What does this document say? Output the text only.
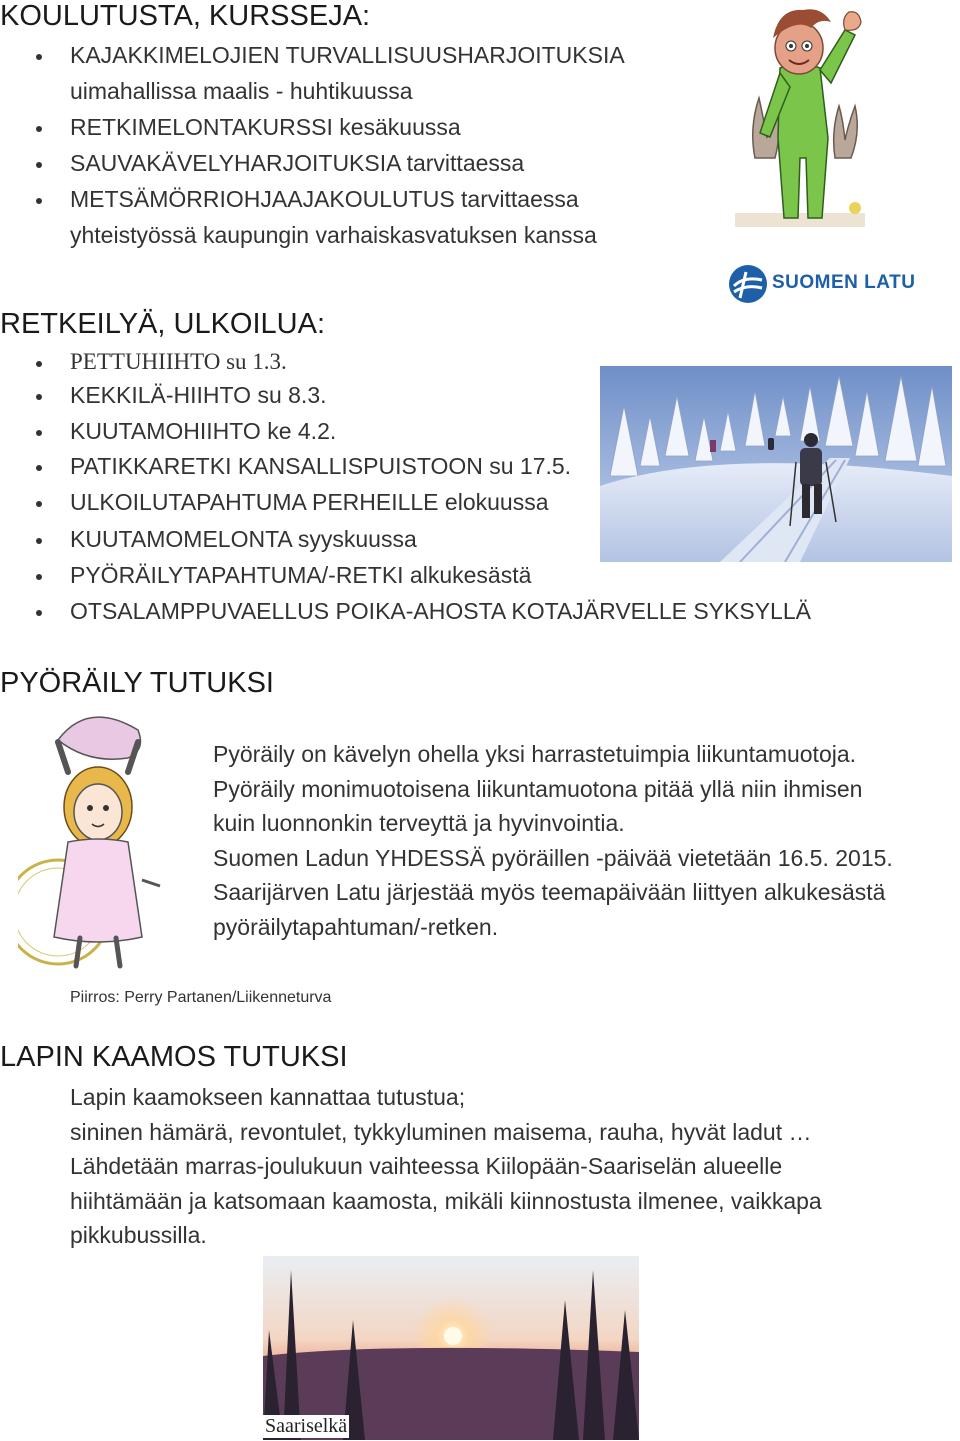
KOULUTUSTA, KURSSEJA:
KAJAKKIMELOJIEN TURVALLISUUSHARJOITUKSIA
uimahallissa maalis - huhtikuussa
RETKIMELONTAKURSSI kesäkuussa
SAUVAKÄVELYHARJOITUKSIA tarvittaessa
METSÄMÖRRIOHJAAJAKOULUTUS tarvittaessa
yhteistyössä kaupungin varhaiskasvatuksen kanssa
SUOMEN LATU
RETKEILYÄ, ULKOILUA:
PETTUHIIHTO su 1.3.
KEKKILÄ-HIIHTO su 8.3.
KUUTAMOHIIHTO ke 4.2.
PATIKKARETKI KANSALLISPUISTOON su 17.5.
ULKOILUTAPAHTUMA PERHEILLE elokuussa
KUUTAMOMELONTA syyskuussa
PYÖRÄILYTAPAHTUMA/-RETKI alkukesästä
OTSALAMPPUVAELLUS POIKA-AHOSTA KOTAJÄRVELLE SYKSYLLÄ
PYÖRÄILY TUTUKSI
Pyöräily on kävelyn ohella yksi harrastetuimpia liikuntamuotoja.
Pyöräily monimuotoisena liikuntamuotona pitää yllä niin ihmisen
kuin luonnonkin terveyttä ja hyvinvointia.
Suomen Ladun YHDESSÄ pyöräillen -päivää vietetään 16.5. 2015.
Saarijärven Latu järjestää myös teemapäivään liittyen alkukesästä
pyöräilytapahtuman/-retken.
Piirros: Perry Partanen/Liikenneturva
LAPIN KAAMOS TUTUKSI
Lapin kaamokseen kannattaa tutustua;
sininen hämärä, revontulet, tykkyluminen maisema, rauha, hyvät ladut …
Lähdetään marras-joulukuun vaihteessa Kiilopään-Saariselän alueelle
hiihtämään ja katsomaan kaamosta, mikäli kiinnostusta ilmenee, vaikkapa
pikkubussilla.
Saariselkä
